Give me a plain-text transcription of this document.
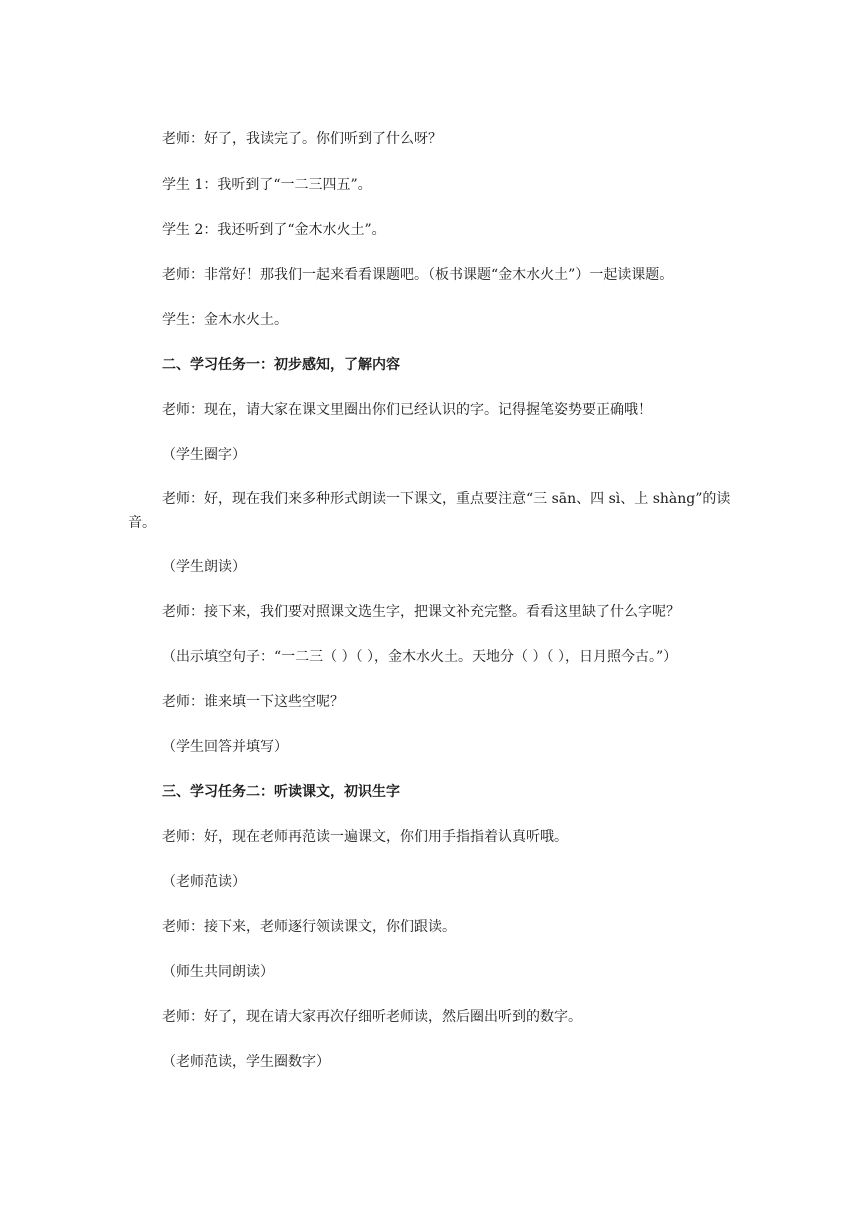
老师：好了，我读完了。你们听到了什么呀？

学生 1：我听到了“一二三四五”。

学生 2：我还听到了“金木水火土”。

老师：非常好！那我们一起来看看课题吧。（板书课题“金木水火土”）一起读课题。

学生：金木水火土。

二、学习任务一：初步感知，了解内容

老师：现在，请大家在课文里圈出你们已经认识的字。记得握笔姿势要正确哦！

（学生圈字）

老师：好，现在我们来多种形式朗读一下课文，重点要注意“三 sān、四 sì、上 shàng”的读音。

（学生朗读）

老师：接下来，我们要对照课文选生字，把课文补充完整。看看这里缺了什么字呢？

（出示填空句子：“一二三（ ）（ ），金木水火土。天地分（ ）（ ），日月照今古。”）

老师：谁来填一下这些空呢？

（学生回答并填写）

三、学习任务二：听读课文，初识生字

老师：好，现在老师再范读一遍课文，你们用手指指着认真听哦。

（老师范读）

老师：接下来，老师逐行领读课文，你们跟读。

（师生共同朗读）

老师：好了，现在请大家再次仔细听老师读，然后圈出听到的数字。

（老师范读，学生圈数字）
